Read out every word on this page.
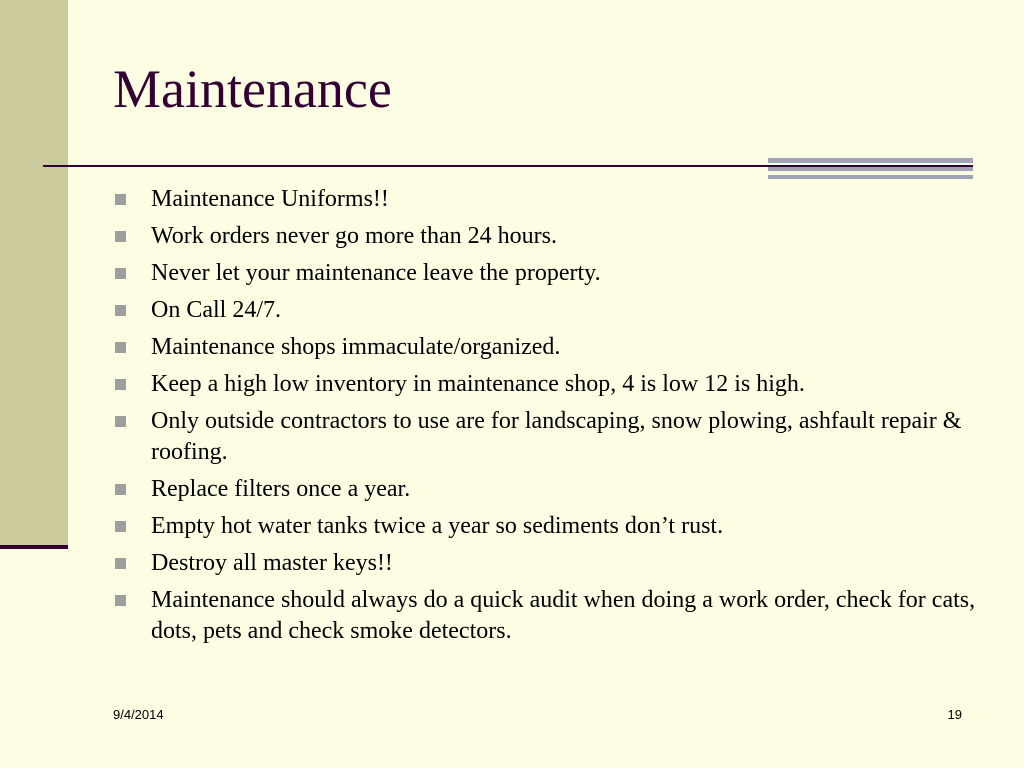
Maintenance
Maintenance Uniforms!!
Work orders never go more than 24 hours.
Never let your maintenance leave the property.
On Call 24/7.
Maintenance shops immaculate/organized.
Keep a high low inventory in maintenance shop, 4 is low 12 is high.
Only outside contractors to use are for landscaping, snow plowing, ashfault repair & roofing.
Replace filters once a year.
Empty hot water tanks twice a year so sediments don’t rust.
Destroy all master keys!!
Maintenance should always do a quick audit when doing a work order, check for cats, dots, pets and check smoke detectors.
9/4/2014	19
